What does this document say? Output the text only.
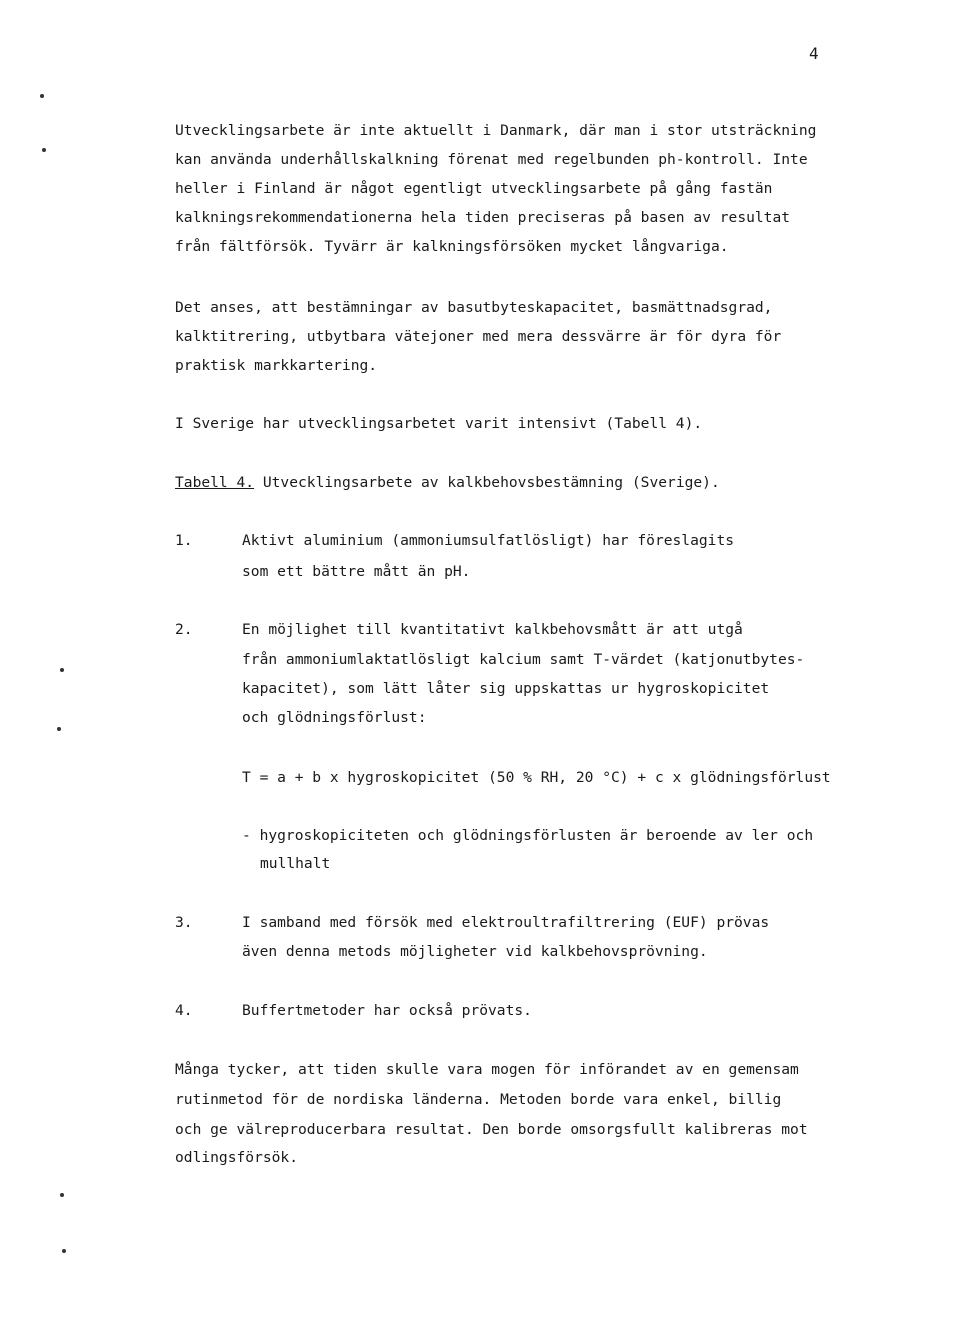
4
Utvecklingsarbete är inte aktuellt i Danmark, där man i stor utsträckning
kan använda underhållskalkning förenat med regelbunden ph-kontroll. Inte
heller i Finland är något egentligt utvecklingsarbete på gång fastän
kalkningsrekommendationerna hela tiden preciseras på basen av resultat
från fältförsök. Tyvärr är kalkningsförsöken mycket långvariga.
Det anses, att bestämningar av basutbyteskapacitet, basmättnadsgrad,
kalktitrering, utbytbara vätejoner med mera dessvärre är för dyra för
praktisk markkartering.
I Sverige har utvecklingsarbetet varit intensivt (Tabell 4).
Tabell 4. Utvecklingsarbete av kalkbehovsbestämning (Sverige).
1.	Aktivt aluminium (ammoniumsulfatlösligt) har föreslagits
som ett bättre mått än pH.
2.	En möjlighet till kvantitativt kalkbehovsmått är att utgå
från ammoniumlaktatlösligt kalcium samt T-värdet (katjonutbytes-
kapacitet), som lätt låter sig uppskattas ur hygroskopicitet
och glödningsförlust:
T = a + b x hygroskopicitet (50 % RH, 20 °C) + c x glödningsförlust
- hygroskopiciteten och glödningsförlusten är beroende av ler och
mullhalt
3.	I samband med försök med elektroultrafiltrering (EUF) prövas
även denna metods möjligheter vid kalkbehovsprövning.
4.	Buffertmetoder har också prövats.
Många tycker, att tiden skulle vara mogen för införandet av en gemensam
rutinmetod för de nordiska länderna. Metoden borde vara enkel, billig
och ge välreproducerbara resultat. Den borde omsorgsfullt kalibreras mot
odlingsförsök.
